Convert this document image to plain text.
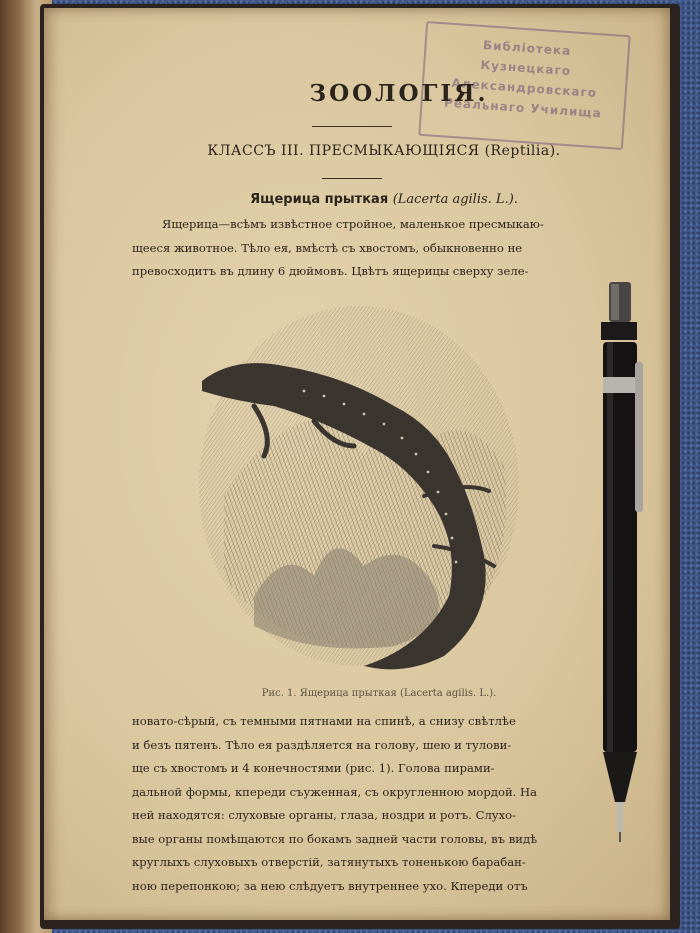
Библіотека
Кузнецкаго
Александровскаго
Реальнаго Училища
ЗООЛОГІЯ.
КЛАССЪ III. ПРЕСМЫКАЮЩІЯСЯ (Reptilia).
Ящерица прыткая (Lacerta agilis. L.).
Ящерица—всѣмъ извѣстное стройное, маленькое пресмыкаю-
щееся животное. Тѣло ея, вмѣстѣ съ хвостомъ, обыкновенно не
превосходитъ въ длину 6 дюймовъ. Цвѣтъ ящерицы сверху зеле-
Рис. 1. Ящерица прыткая (Lacerta agilis. L.).
новато-сѣрый, съ темными пятнами на спинѣ, а снизу свѣтлѣе
и безъ пятенъ. Тѣло ея раздѣляется на голову, шею и тулови-
ще съ хвостомъ и 4 конечностями (рис. 1). Голова пирами-
дальной формы, кпереди съуженная, съ округленною мордой. На
ней находятся: слуховые органы, глаза, ноздри и ротъ. Слухо-
вые органы помѣщаются по бокамъ задней части головы, въ видѣ
круглыхъ слуховыхъ отверстій, затянутыхъ тоненькою барабан-
ною перепонкою; за нею слѣдуетъ внутреннее ухо. Кпереди отъ
